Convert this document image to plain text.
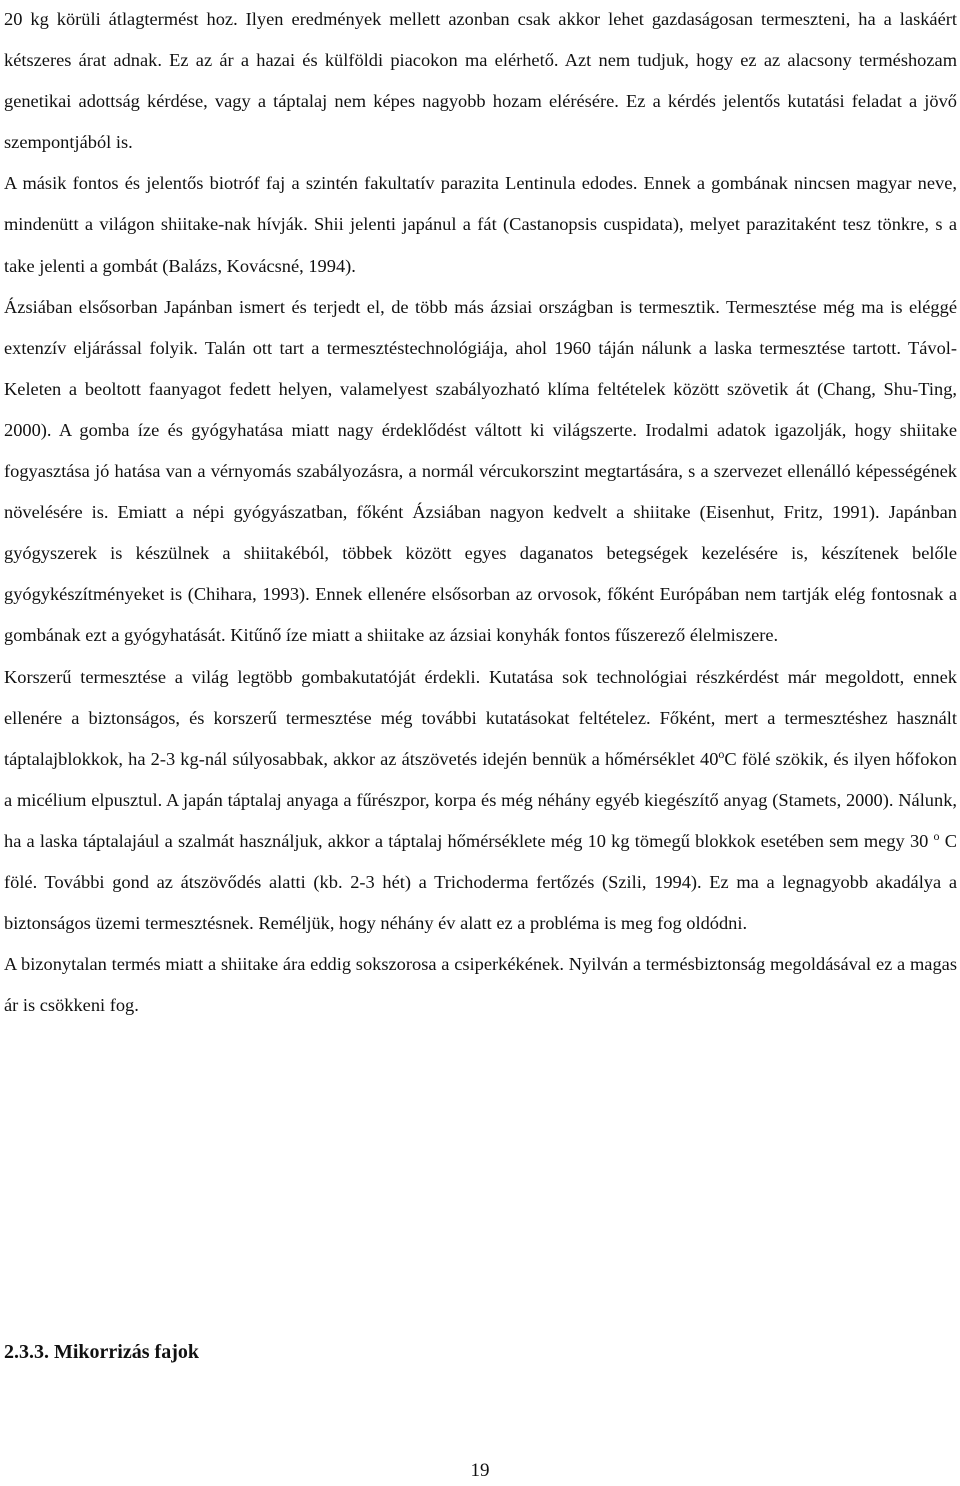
20 kg körüli átlagtermést hoz. Ilyen eredmények mellett azonban csak akkor lehet gazdaságosan termeszteni, ha a laskáért kétszeres árat adnak. Ez az ár a hazai és külföldi piacokon ma elérhető. Azt nem tudjuk, hogy ez az alacsony terméshozam genetikai adottság kérdése, vagy a táptalaj nem képes nagyobb hozam elérésére. Ez a kérdés jelentős kutatási feladat a jövő szempontjából is.

A másik fontos és jelentős biotróf faj a szintén fakultatív parazita Lentinula edodes. Ennek a gombának nincsen magyar neve, mindenütt a világon shiitake-nak hívják. Shii jelenti japánul a fát (Castanopsis cuspidata), melyet parazitaként tesz tönkre, s a take jelenti a gombát (Balázs, Kovácsné, 1994).

Ázsiában elsősorban Japánban ismert és terjedt el, de több más ázsiai országban is termesztik. Termesztése még ma is eléggé extenzív eljárással folyik. Talán ott tart a termesztéstechnológiája, ahol 1960 táján nálunk a laska termesztése tartott. Távol-Keleten a beoltott faanyagot fedett helyen, valamelyest szabályozható klíma feltételek között szövetik át (Chang, Shu-Ting, 2000). A gomba íze és gyógyhatása miatt nagy érdeklődést váltott ki világszerte. Irodalmi adatok igazolják, hogy shiitake fogyasztása jó hatása van a vérnyomás szabályozásra, a normál vércukorszint megtartására, s a szervezet ellenálló képességének növelésére is. Emiatt a népi gyógyászatban, főként Ázsiában nagyon kedvelt a shiitake (Eisenhut, Fritz, 1991). Japánban gyógyszerek is készülnek a shiitakéból, többek között egyes daganatos betegségek kezelésére is, készítenek belőle gyógykészítményeket is (Chihara, 1993). Ennek ellenére elsősorban az orvosok, főként Európában nem tartják elég fontosnak a gombának ezt a gyógyhatását. Kitűnő íze miatt a shiitake az ázsiai konyhák fontos fűszerező élelmiszere.

Korszerű termesztése a világ legtöbb gombakutatóját érdekli. Kutatása sok technológiai részkérdést már megoldott, ennek ellenére a biztonságos, és korszerű termesztése még további kutatásokat feltételez. Főként, mert a termesztéshez használt táptalajblokkok, ha 2-3 kg-nál súlyosabbak, akkor az átszövetés idején bennük a hőmérséklet 40$^o$C fölé szökik, és ilyen hőfokon a micélium elpusztul. A japán táptalaj anyaga a fűrészpor, korpa és még néhány egyéb kiegészítő anyag (Stamets, 2000). Nálunk, ha a laska táptalajául a szalmát használjuk, akkor a táptalaj hőmérséklete még 10 kg tömegű blokkok esetében sem megy 30 $^o$ C fölé. További gond az átszövődés alatti (kb. 2-3 hét) a Trichoderma fertőzés (Szili, 1994). Ez ma a legnagyobb akadálya a biztonságos üzemi termesztésnek. Reméljük, hogy néhány év alatt ez a probléma is meg fog oldódni.

A bizonytalan termés miatt a shiitake ára eddig sokszorosa a csiperkékének. Nyilván a termésbiztonság megoldásával ez a magas ár is csökkeni fog.

2.3.3. Mikorrizás fajok
19
